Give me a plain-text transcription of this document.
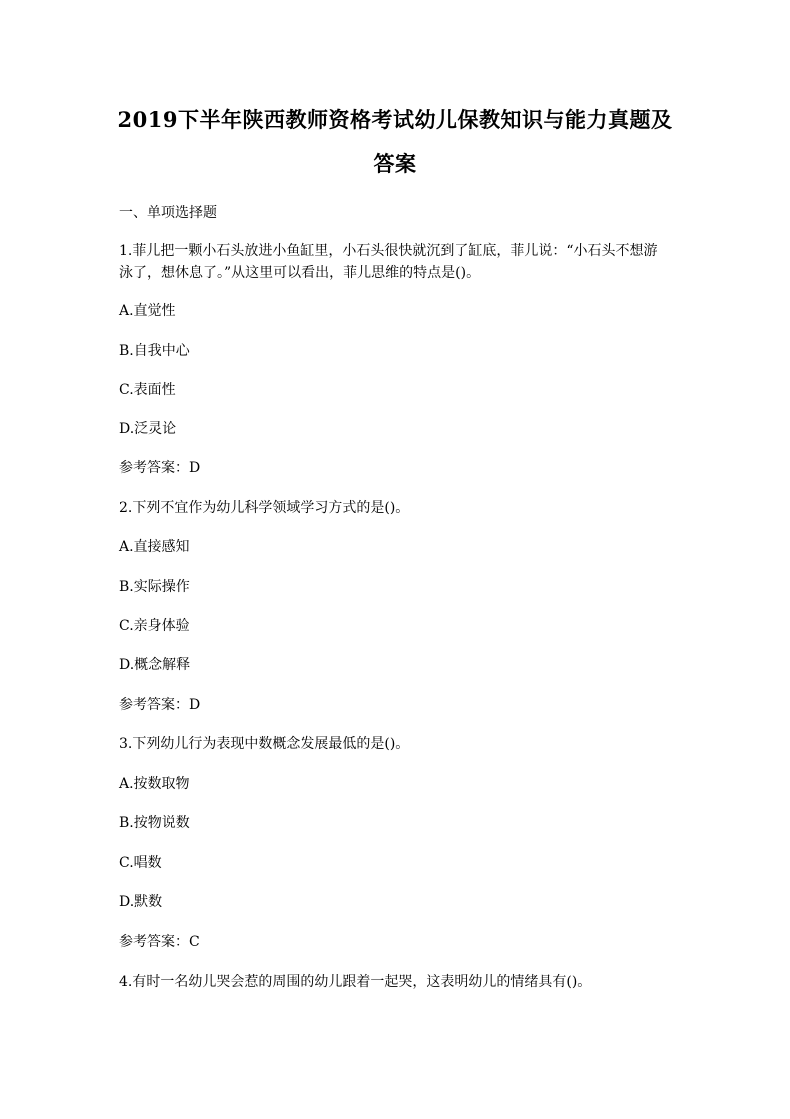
2019下半年陕西教师资格考试幼儿保教知识与能力真题及
答案
一、单项选择题
1.菲儿把一颗小石头放进小鱼缸里，小石头很快就沉到了缸底，菲儿说：“小石头不想游
泳了，想休息了。”从这里可以看出，菲儿思维的特点是()。
A.直觉性
B.自我中心
C.表面性
D.泛灵论
参考答案：D
2.下列不宜作为幼儿科学领域学习方式的是()。
A.直接感知
B.实际操作
C.亲身体验
D.概念解释
参考答案：D
3.下列幼儿行为表现中数概念发展最低的是()。
A.按数取物
B.按物说数
C.唱数
D.默数
参考答案：C
4.有时一名幼儿哭会惹的周围的幼儿跟着一起哭，这表明幼儿的情绪具有()。
